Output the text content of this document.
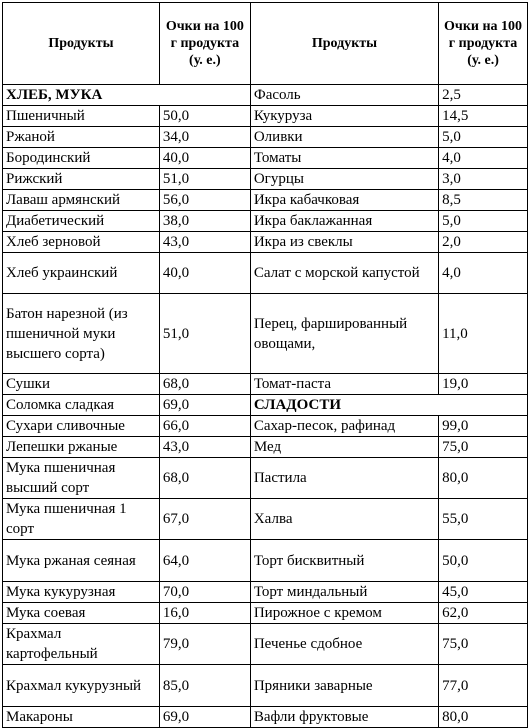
Продукты	Очки на 100 г продукта (у. е.)	Продукты	Очки на 100 г продукта (у. е.)
ХЛЕБ, МУКА		Фасоль	2,5
Пшеничный	50,0	Кукуруза	14,5
Ржаной	34,0	Оливки	5,0
Бородинский	40,0	Томаты	4,0
Рижский	51,0	Огурцы	3,0
Лаваш армянский	56,0	Икра кабачковая	8,5
Диабетический	38,0	Икра баклажанная	5,0
Хлеб зерновой	43,0	Икра из свеклы	2,0
Хлеб украинский	40,0	Салат с морской капустой	4,0
Батон нарезной (из пшеничной муки высшего сорта)	51,0	Перец, фаршированный овощами,	11,0
Сушки	68,0	Томат-паста	19,0
Соломка сладкая	69,0	СЛАДОСТИ	
Сухари сливочные	66,0	Сахар-песок, рафинад	99,0
Лепешки ржаные	43,0	Мед	75,0
Мука пшеничная высший сорт	68,0	Пастила	80,0
Мука пшеничная 1 сорт	67,0	Халва	55,0
Мука ржаная сеяная	64,0	Торт бисквитный	50,0
Мука кукурузная	70,0	Торт миндальный	45,0
Мука соевая	16,0	Пирожное с кремом	62,0
Крахмал картофельный	79,0	Печенье сдобное	75,0
Крахмал кукурузный	85,0	Пряники заварные	77,0
Макароны	69,0	Вафли фруктовые	80,0
